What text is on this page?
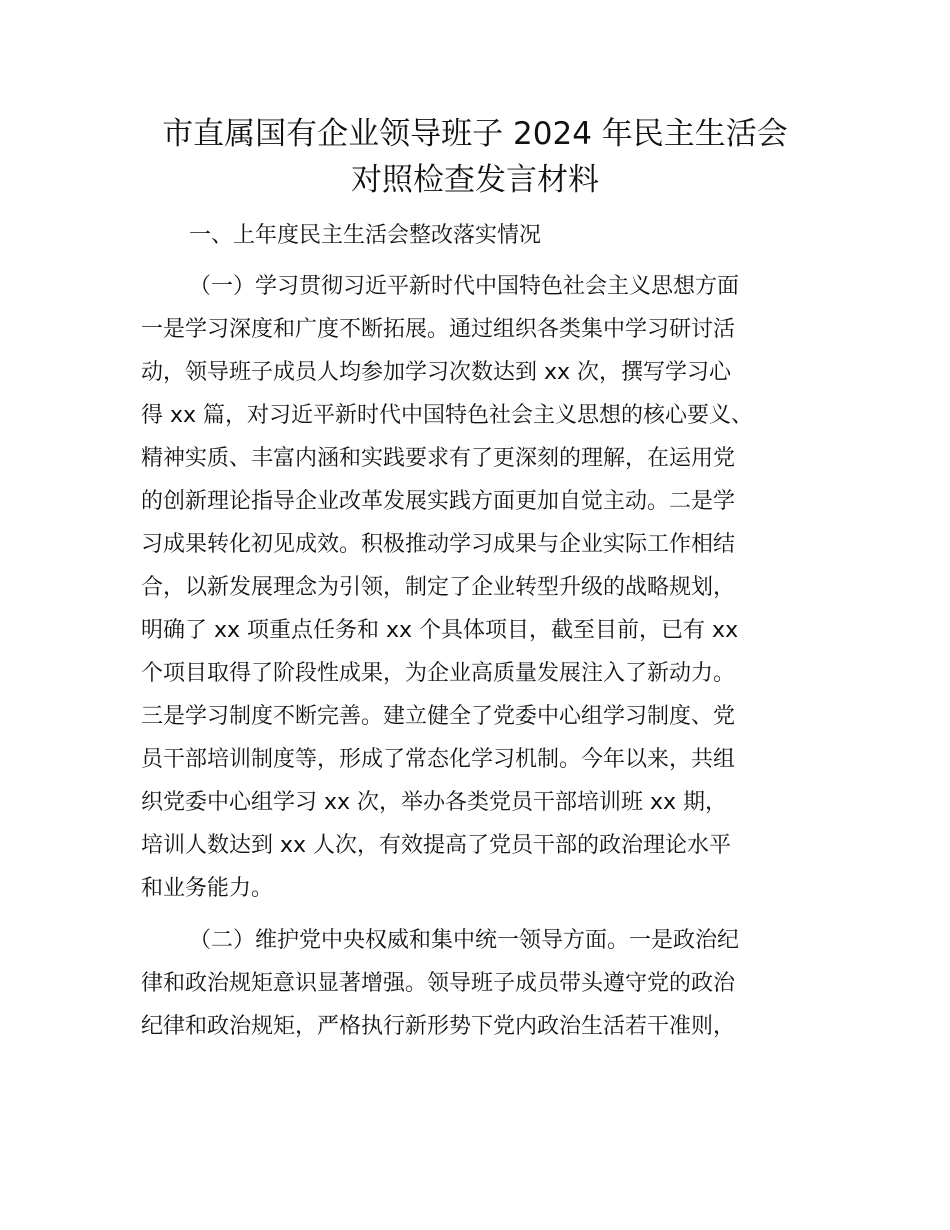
市直属国有企业领导班子 2024 年民主生活会
对照检查发言材料
一、上年度民主生活会整改落实情况
（一）学习贯彻习近平新时代中国特色社会主义思想方面
一是学习深度和广度不断拓展。通过组织各类集中学习研讨活
动，领导班子成员人均参加学习次数达到 xx 次，撰写学习心
得 xx 篇，对习近平新时代中国特色社会主义思想的核心要义、
精神实质、丰富内涵和实践要求有了更深刻的理解，在运用党
的创新理论指导企业改革发展实践方面更加自觉主动。二是学
习成果转化初见成效。积极推动学习成果与企业实际工作相结
合，以新发展理念为引领，制定了企业转型升级的战略规划，
明确了 xx 项重点任务和 xx 个具体项目，截至目前，已有 xx
个项目取得了阶段性成果，为企业高质量发展注入了新动力。
三是学习制度不断完善。建立健全了党委中心组学习制度、党
员干部培训制度等，形成了常态化学习机制。今年以来，共组
织党委中心组学习 xx 次，举办各类党员干部培训班 xx 期，
培训人数达到 xx 人次，有效提高了党员干部的政治理论水平
和业务能力。
（二）维护党中央权威和集中统一领导方面。一是政治纪
律和政治规矩意识显著增强。领导班子成员带头遵守党的政治
纪律和政治规矩，严格执行新形势下党内政治生活若干准则，
